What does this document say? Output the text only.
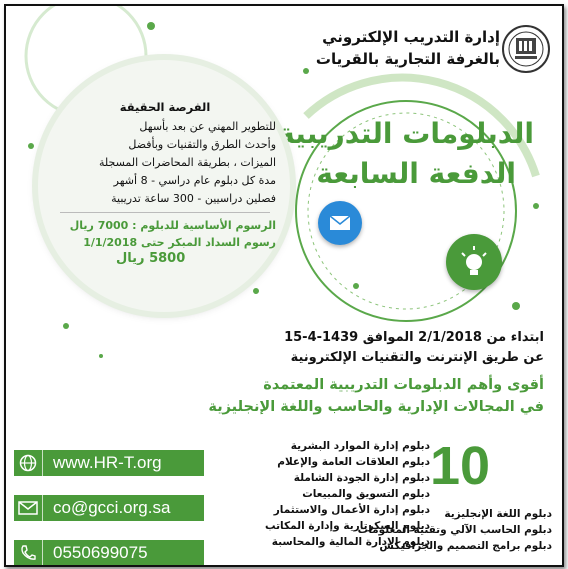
إدارة التدريب الإلكتروني
بالغرفة التجارية بالقريات
الدبلومات التدريبية
الدفعة السابعة
الفرصة الحقيقة
للتطوير المهني عن بعد بأسهل
وأحدث الطرق والتقنيات وبأفضل
الميزات ، بطريقة المحاضرات المسجلة
مدة كل دبلوم عام دراسي - 8 أشهر
فصلين دراسيين - 300 ساعة تدريبية
الرسوم الأساسية للدبلوم : 7000 ريال
رسوم السداد المبكر حتى 1/1/2018
5800 ريال
ابتداء من 2/1/2018 الموافق 1439-4-15
عن طريق الإنترنت والتقنيات الإلكترونية
أقوى وأهم الدبلومات التدريبية المعتمدة
في المجالات الإدارية والحاسب واللغة الإنجليزية
10
دبلوم إدارة الموارد البشرية
دبلوم العلاقات العامة والإعلام
دبلوم إدارة الجودة الشاملة
دبلوم التسويق والمبيعات
دبلوم إدارة الأعمال والاستثمار
دبلوم السكرتارية وإدارة المكاتب
دبلوم الإدارة المالية والمحاسبة
دبلوم اللغة الإنجليزية
دبلوم الحاسب الآلي وتقنية المعلومات
دبلوم برامج التصميم والجرافيكس
www.HR-T.org
co@gcci.org.sa
0550699075
